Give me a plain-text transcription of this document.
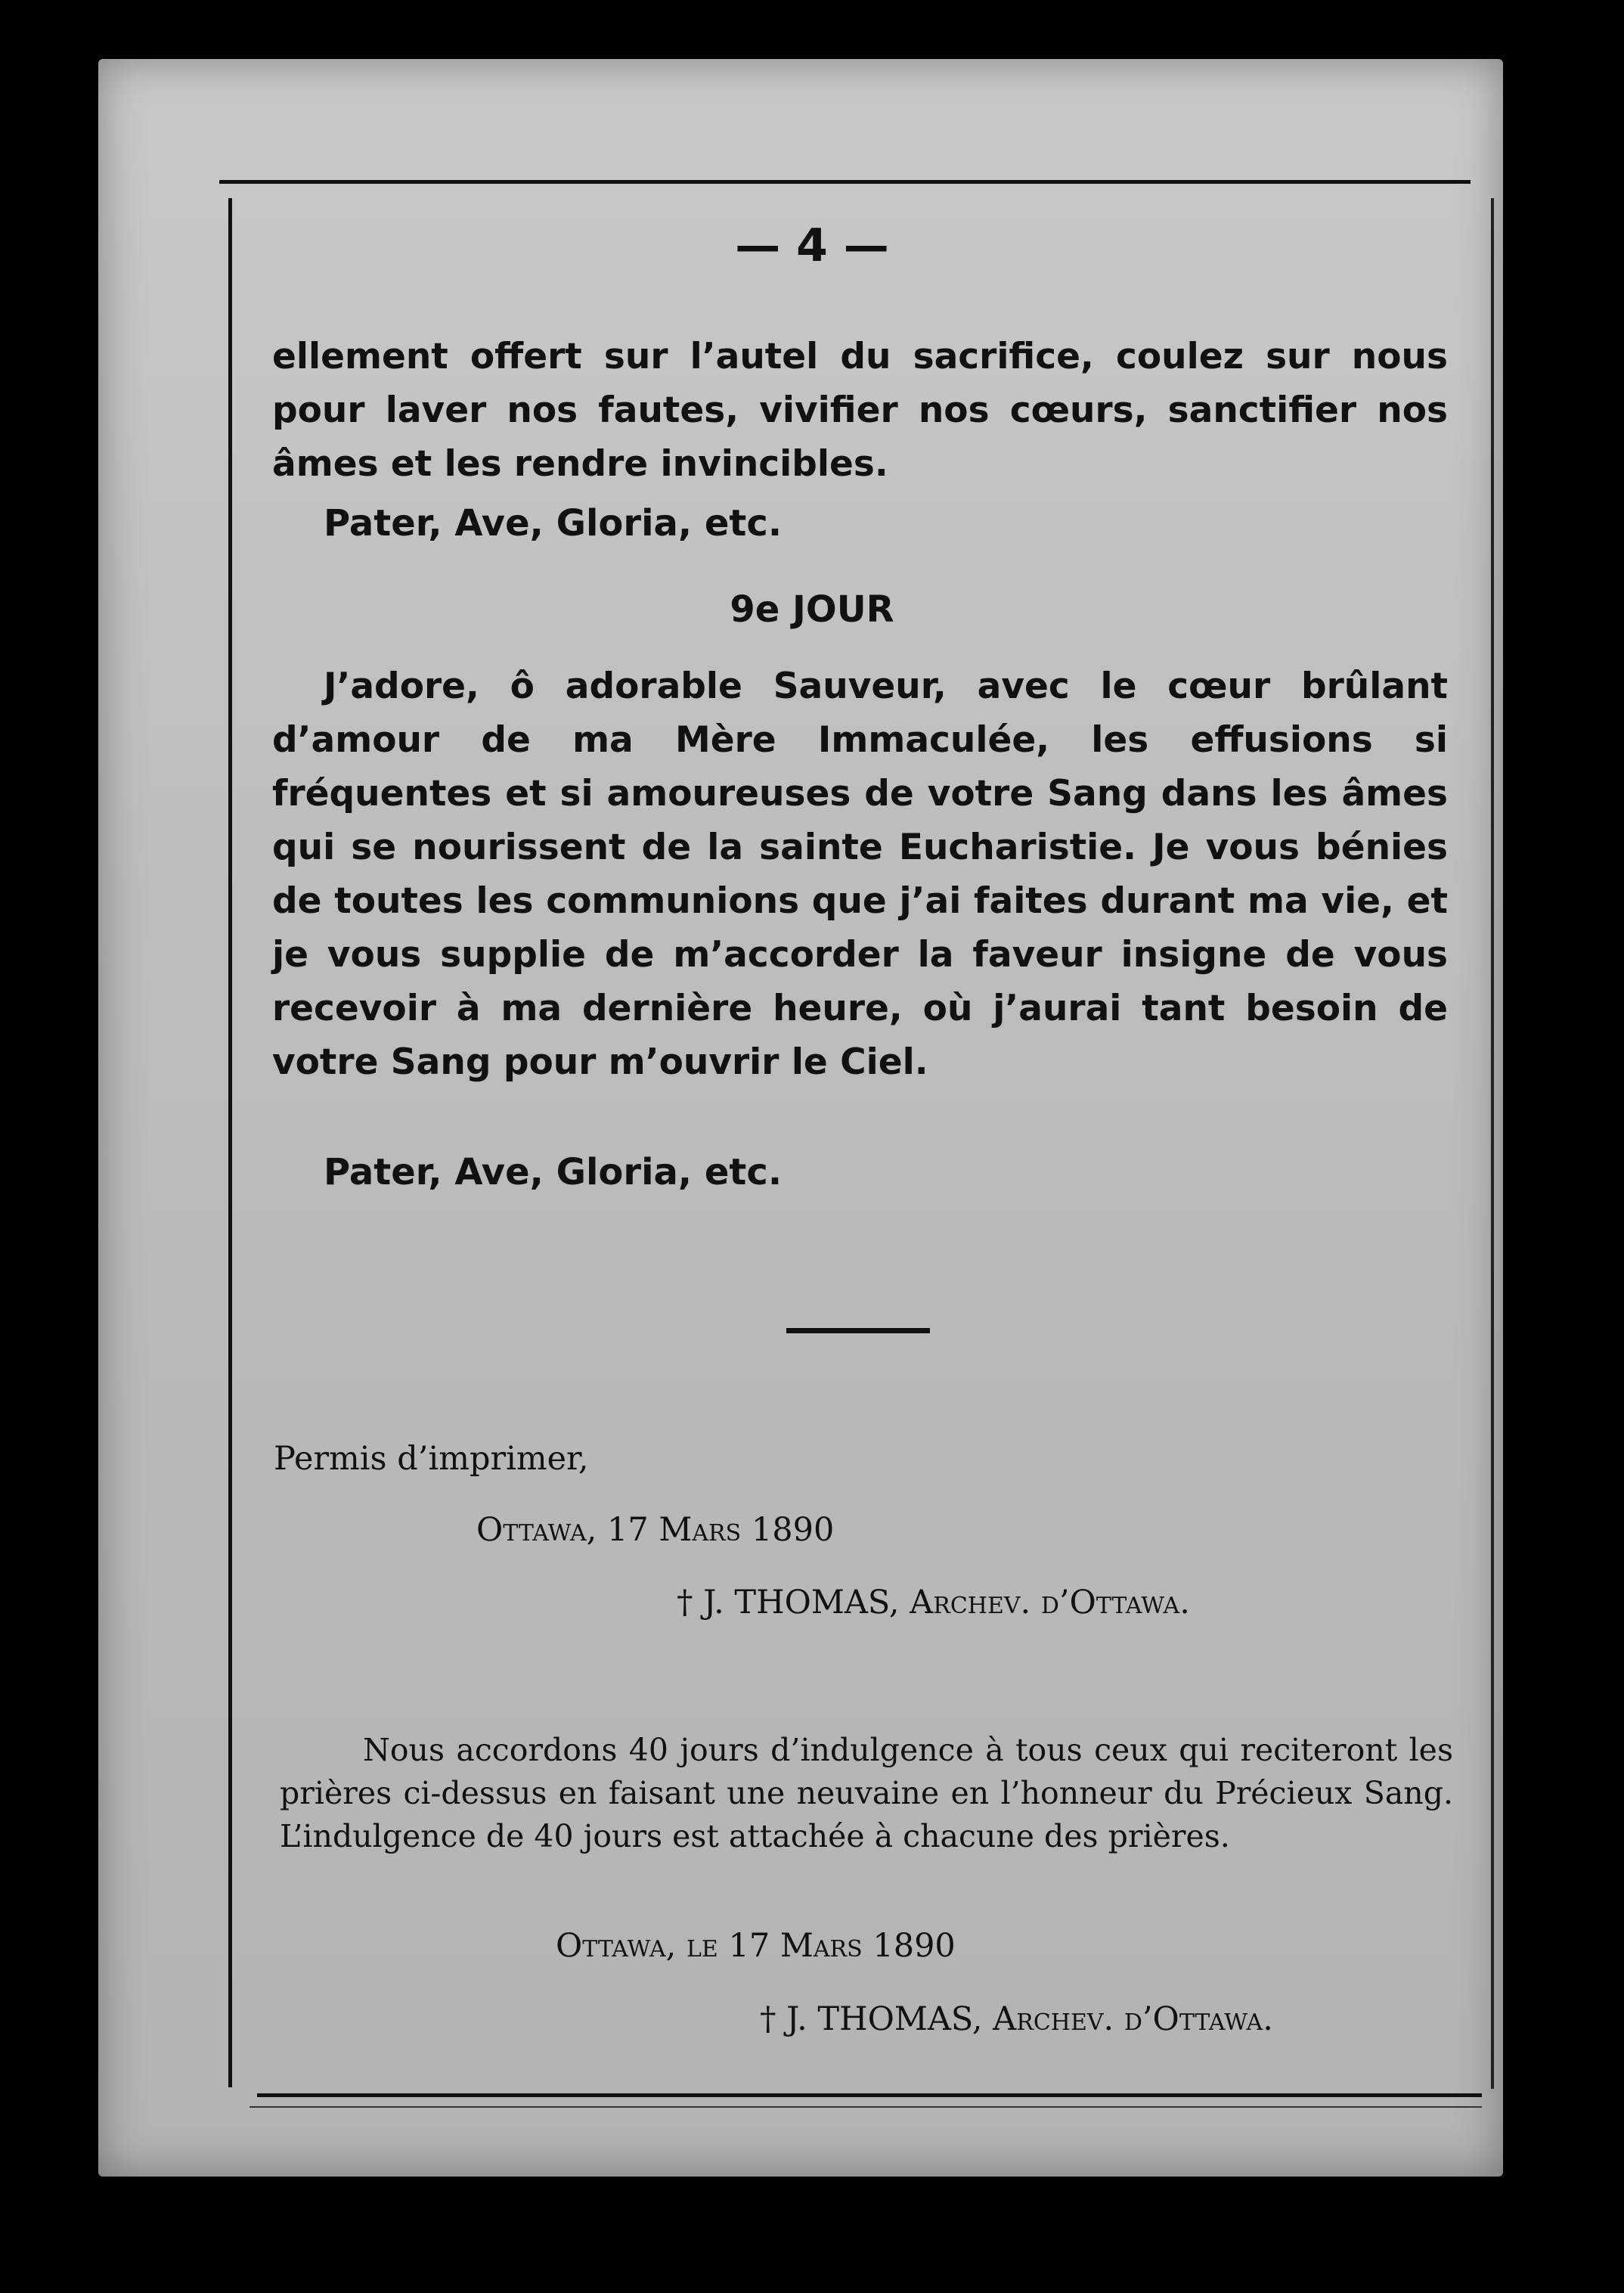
— 4 —
ellement offert sur l’autel du sacrifice, coulez sur nous pour laver nos fautes, vivifier nos cœurs, sanctifier nos âmes et les rendre invincibles.
Pater, Ave, Gloria, etc.
9e JOUR
J’adore, ô adorable Sauveur, avec le cœur brûlant d’amour de ma Mère Immaculée, les effusions si fréquentes et si amoureuses de votre Sang dans les âmes qui se nourissent de la sainte Eucharistie. Je vous bénies de toutes les communions que j’ai faites durant ma vie, et je vous supplie de m’accorder la faveur insigne de vous recevoir à ma dernière heure, où j’aurai tant besoin de votre Sang pour m’ouvrir le Ciel.
Pater, Ave, Gloria, etc.
Permis d’imprimer,
Ottawa, 17 Mars 1890
† J. THOMAS, Archev. d’Ottawa.
Nous accordons 40 jours d’indulgence à tous ceux qui reciteront les prières ci-dessus en faisant une neuvaine en l’honneur du Précieux Sang. L’indulgence de 40 jours est attachée à chacune des prières.
Ottawa, le 17 Mars 1890
† J. THOMAS, Archev. d’Ottawa.
